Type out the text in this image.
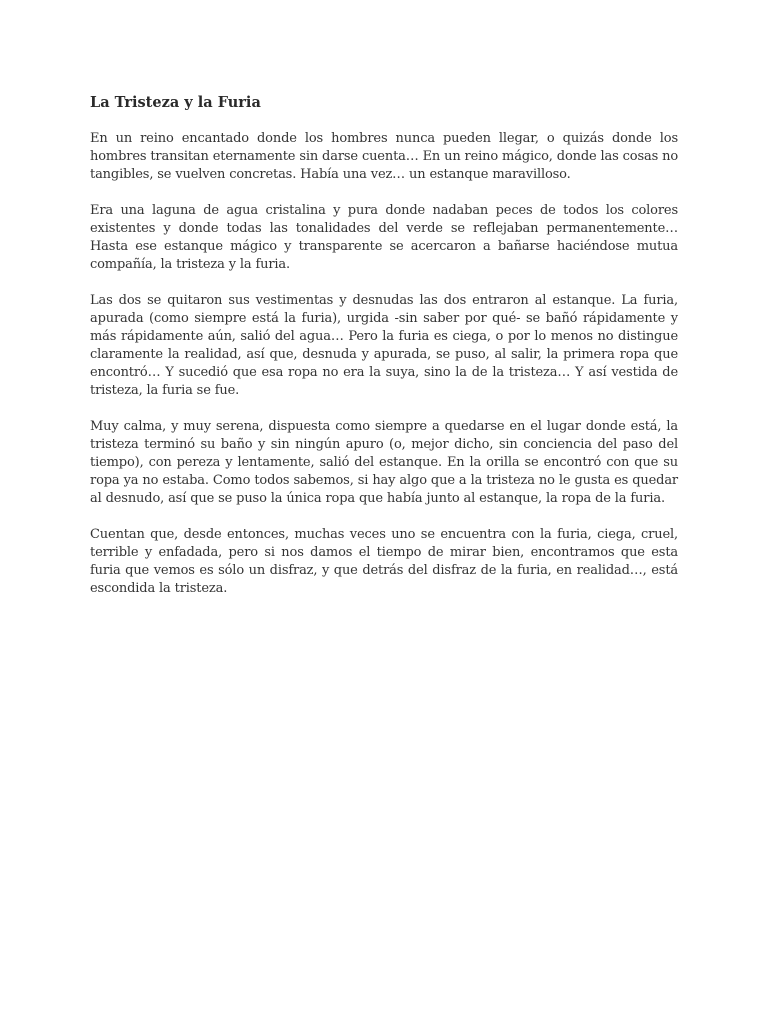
La Tristeza y la Furia

En un reino encantado donde los hombres nunca pueden llegar, o quizás donde los hombres transitan eternamente sin darse cuenta… En un reino mágico, donde las cosas no tangibles, se vuelven concretas. Había una vez… un estanque maravilloso.

Era una laguna de agua cristalina y pura donde nadaban peces de todos los colores existentes y donde todas las tonalidades del verde se reflejaban permanentemente… Hasta ese estanque mágico y transparente se acercaron a bañarse haciéndose mutua compañía, la tristeza y la furia.

Las dos se quitaron sus vestimentas y desnudas las dos entraron al estanque. La furia, apurada (como siempre está la furia), urgida -sin saber por qué- se bañó rápidamente y más rápidamente aún, salió del agua… Pero la furia es ciega, o por lo menos no distingue claramente la realidad, así que, desnuda y apurada, se puso, al salir, la primera ropa que encontró… Y sucedió que esa ropa no era la suya, sino la de la tristeza… Y así vestida de tristeza, la furia se fue.

Muy calma, y muy serena, dispuesta como siempre a quedarse en el lugar donde está, la tristeza terminó su baño y sin ningún apuro (o, mejor dicho, sin conciencia del paso del tiempo), con pereza y lentamente, salió del estanque. En la orilla se encontró con que su ropa ya no estaba. Como todos sabemos, si hay algo que a la tristeza no le gusta es quedar al desnudo, así que se puso la única ropa que había junto al estanque, la ropa de la furia.

Cuentan que, desde entonces, muchas veces uno se encuentra con la furia, ciega, cruel, terrible y enfadada, pero si nos damos el tiempo de mirar bien, encontramos que esta furia que vemos es sólo un disfraz, y que detrás del disfraz de la furia, en realidad…, está escondida la tristeza.
